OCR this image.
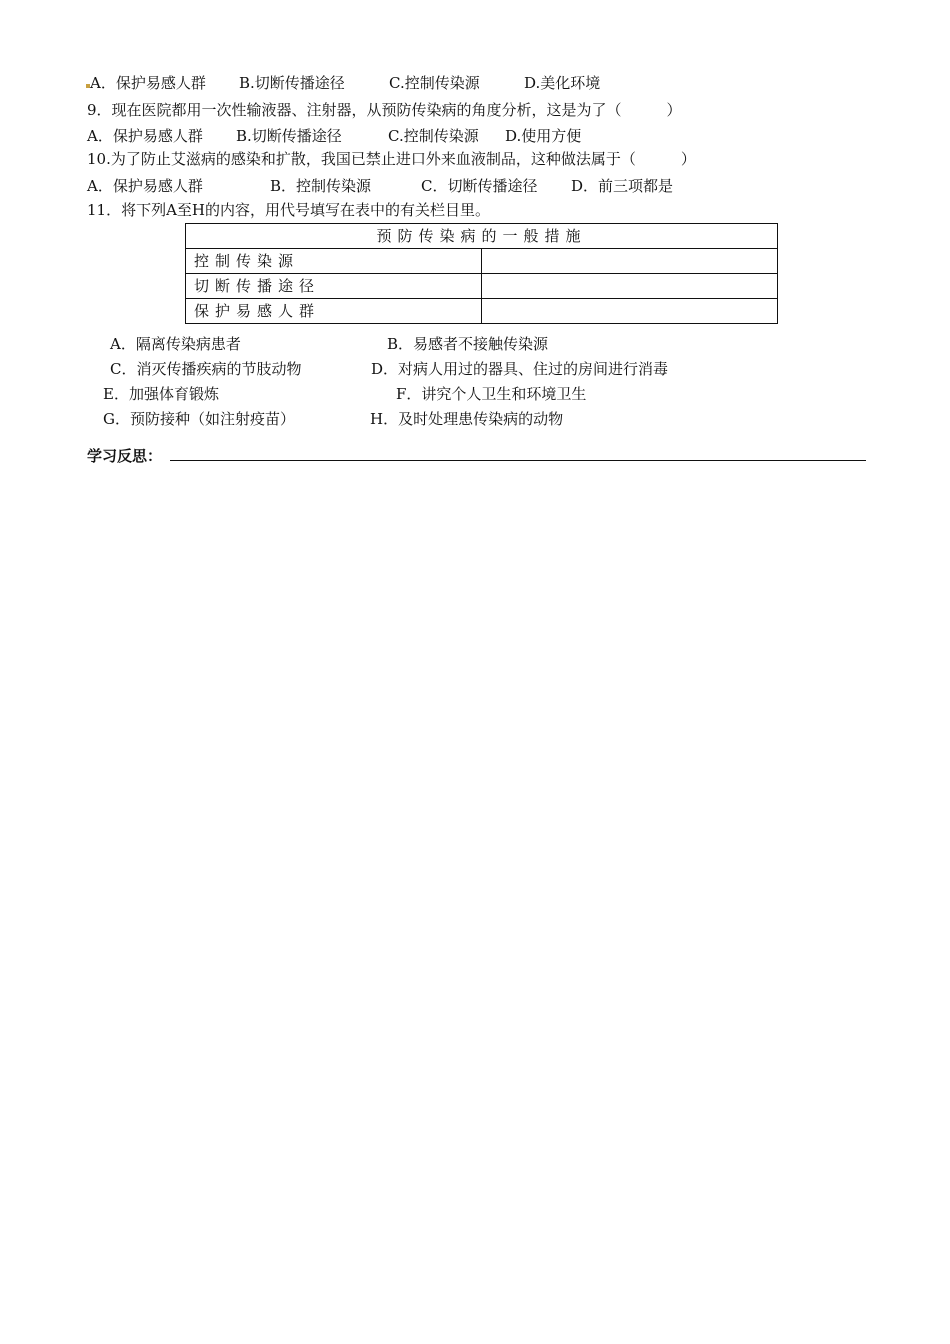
A．保护易感人群 B.切断传播途径	C.控制传染源	D.美化环境
9．现在医院都用一次性输液器、注射器，从预防传染病的角度分析，这是为了（　　　）
A．保护易感人群 B.切断传播途径	C.控制传染源 D.使用方便
10.为了防止艾滋病的感染和扩散，我国已禁止进口外来血液制品，这种做法属于（　　　）
A．保护易感人群	B．控制传染源	C．切断传播途径 D．前三项都是
11．将下列A至H的内容，用代号填写在表中的有关栏目里。
预防传染病的一般措施	
控制传染源	
切断传播途径	
保护易感人群	
A．隔离传染病患者	B．易感者不接触传染源
C．消灭传播疾病的节肢动物	D．对病人用过的器具、住过的房间进行消毒
E．加强体育锻炼	F．讲究个人卫生和环境卫生
G．预防接种（如注射疫苗）	H．及时处理患传染病的动物
学习反思：
